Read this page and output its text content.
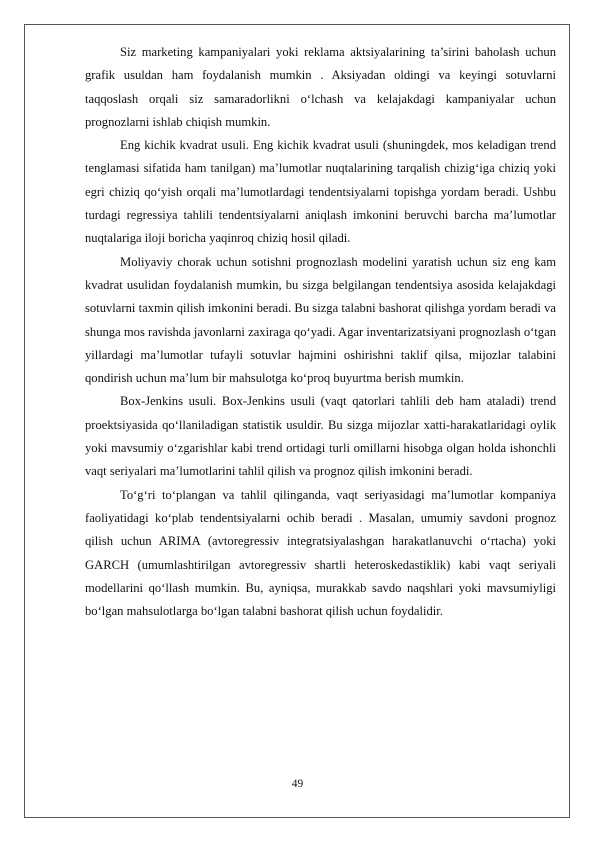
Siz marketing kampaniyalari yoki reklama aktsiyalarining ta’sirini baholash uchun grafik usuldan ham foydalanish mumkin . Aksiyadan oldingi va keyingi sotuvlarni taqqoslash orqali siz samaradorlikni o‘lchash va kelajakdagi kampaniyalar uchun prognozlarni ishlab chiqish mumkin.

Eng kichik kvadrat usuli. Eng kichik kvadrat usuli (shuningdek, mos keladigan trend tenglamasi sifatida ham tanilgan) ma’lumotlar nuqtalarining tarqalish chizig‘iga chiziq yoki egri chiziq qo‘yish orqali ma’lumotlardagi tendentsiyalarni topishga yordam beradi. Ushbu turdagi regressiya tahlili tendentsiyalarni aniqlash imkonini beruvchi barcha ma’lumotlar nuqtalariga iloji boricha yaqinroq chiziq hosil qiladi.

Moliyaviy chorak uchun sotishni prognozlash modelini yaratish uchun siz eng kam kvadrat usulidan foydalanish mumkin, bu sizga belgilangan tendentsiya asosida kelajakdagi sotuvlarni taxmin qilish imkonini beradi. Bu sizga talabni bashorat qilishga yordam beradi va shunga mos ravishda javonlarni zaxiraga qo‘yadi. Agar inventarizatsiyani prognozlash o‘tgan yillardagi ma’lumotlar tufayli sotuvlar hajmini oshirishni taklif qilsa, mijozlar talabini qondirish uchun ma’lum bir mahsulotga ko‘proq buyurtma berish mumkin.

Box-Jenkins usuli. Box-Jenkins usuli (vaqt qatorlari tahlili deb ham ataladi) trend proektsiyasida qo‘llaniladigan statistik usuldir. Bu sizga mijozlar xatti-harakatlaridagi oylik yoki mavsumiy o‘zgarishlar kabi trend ortidagi turli omillarni hisobga olgan holda ishonchli vaqt seriyalari ma’lumotlarini tahlil qilish va prognoz qilish imkonini beradi.

To‘g‘ri to‘plangan va tahlil qilinganda, vaqt seriyasidagi ma’lumotlar kompaniya faoliyatidagi ko‘plab tendentsiyalarni ochib beradi . Masalan, umumiy savdoni prognoz qilish uchun ARIMA (avtoregressiv integratsiyalashgan harakatlanuvchi o‘rtacha) yoki GARCH (umumlashtirilgan avtoregressiv shartli heteroskedastiklik) kabi vaqt seriyali modellarini qo‘llash mumkin. Bu, ayniqsa, murakkab savdo naqshlari yoki mavsumiyligi bo‘lgan mahsulotlarga bo‘lgan talabni bashorat qilish uchun foydalidir.

49
